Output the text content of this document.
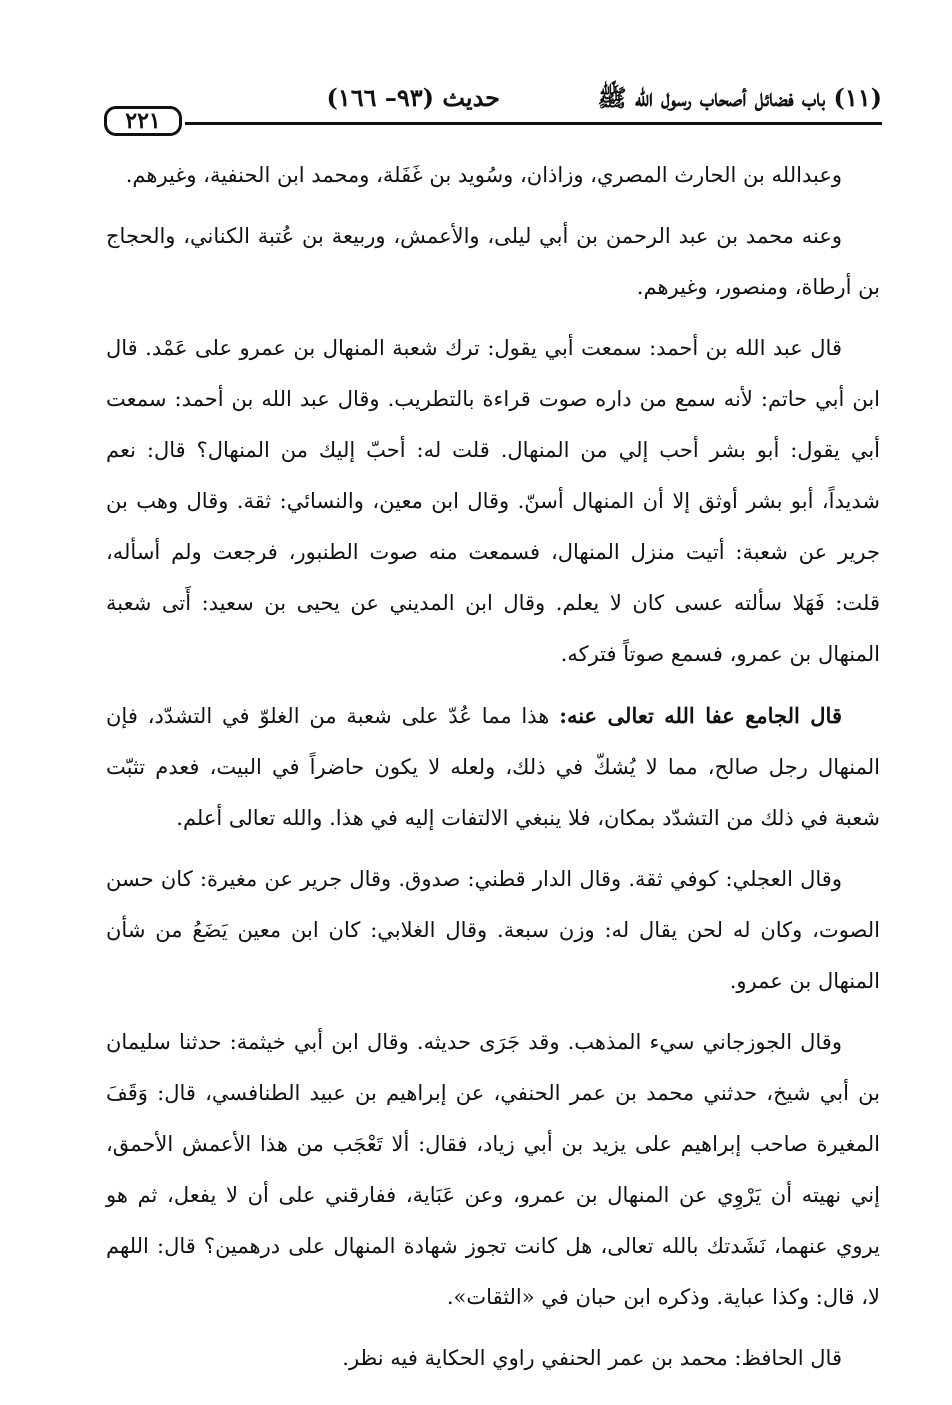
٢٢١
حديث (٩٣– ١٦٦)	(١١) باب فضائل أصحاب رسول الله ﷺ

وعبدالله بن الحارث المصري، وزاذان، وسُويد بن غَفَلة، ومحمد ابن الحنفية، وغيرهم.

وعنه محمد بن عبد الرحمن بن أبي ليلى، والأعمش، وربيعة بن عُتبة الكناني، والحجاج بن أرطاة، ومنصور، وغيرهم.

قال عبد الله بن أحمد: سمعت أبي يقول: ترك شعبة المنهال بن عمرو على عَمْد. قال ابن أبي حاتم: لأنه سمع من داره صوت قراءة بالتطريب. وقال عبد الله بن أحمد: سمعت أبي يقول: أبو بشر أحب إلي من المنهال. قلت له: أحبّ إليك من المنهال؟ قال: نعم شديداً، أبو بشر أوثق إلا أن المنهال أسنّ. وقال ابن معين، والنسائي: ثقة. وقال وهب بن جرير عن شعبة: أتيت منزل المنهال، فسمعت منه صوت الطنبور، فرجعت ولم أسأله، قلت: فَهَلا سألته عسى كان لا يعلم. وقال ابن المديني عن يحيى بن سعيد: أَتى شعبة المنهال بن عمرو، فسمع صوتاً فتركه.

قال الجامع عفا الله تعالى عنه: هذا مما عُدّ على شعبة من الغلوّ في التشدّد، فإن المنهال رجل صالح، مما لا يُشكّ في ذلك، ولعله لا يكون حاضراً في البيت، فعدم تثبّت شعبة في ذلك من التشدّد بمكان، فلا ينبغي الالتفات إليه في هذا. والله تعالى أعلم.

وقال العجلي: كوفي ثقة. وقال الدار قطني: صدوق. وقال جرير عن مغيرة: كان حسن الصوت، وكان له لحن يقال له: وزن سبعة. وقال الغلابي: كان ابن معين يَضَعُ من شأن المنهال بن عمرو.

وقال الجوزجاني سيء المذهب. وقد جَرَى حديثه. وقال ابن أبي خيثمة: حدثنا سليمان بن أبي شيخ، حدثني محمد بن عمر الحنفي، عن إبراهيم بن عبيد الطنافسي، قال: وَقَفَ المغيرة صاحب إبراهيم على يزيد بن أبي زياد، فقال: ألا تَعْجَب من هذا الأعمش الأحمق، إني نهيته أن يَرْوِي عن المنهال بن عمرو، وعن عَبَاية، ففارقني على أن لا يفعل، ثم هو يروي عنهما، نَشَدتك بالله تعالى، هل كانت تجوز شهادة المنهال على درهمين؟ قال: اللهم لا، قال: وكذا عباية. وذكره ابن حبان في «الثقات».

قال الحافظ: محمد بن عمر الحنفي راوي الحكاية فيه نظر.
